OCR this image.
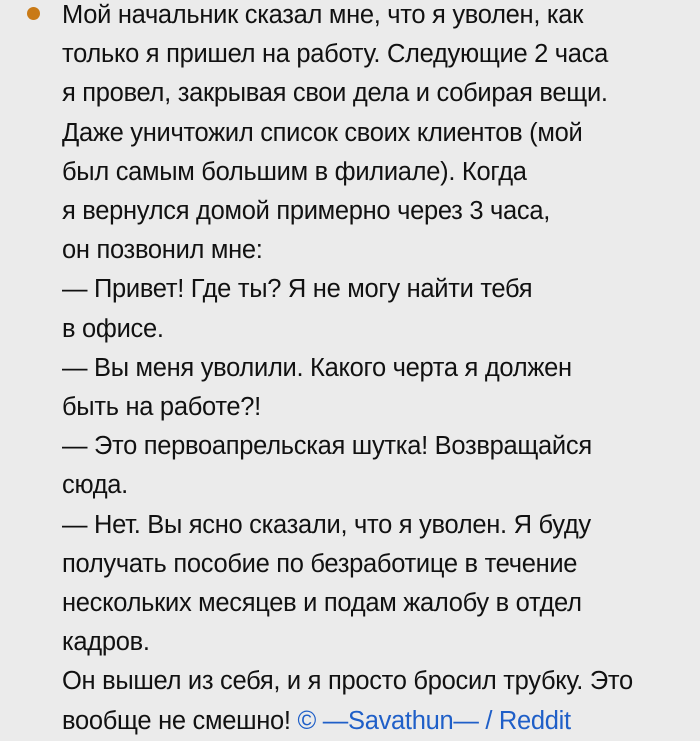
Мой начальник сказал мне, что я уволен, как
только я пришел на работу. Следующие 2 часа
я провел, закрывая свои дела и собирая вещи.
Даже уничтожил список своих клиентов (мой
был самым большим в филиале). Когда
я вернулся домой примерно через 3 часа,
он позвонил мне:
— Привет! Где ты? Я не могу найти тебя
в офисе.
— Вы меня уволили. Какого черта я должен
быть на работе?!
— Это первоапрельская шутка! Возвращайся
сюда.
— Нет. Вы ясно сказали, что я уволен. Я буду
получать пособие по безработице в течение
нескольких месяцев и подам жалобу в отдел
кадров.
Он вышел из себя, и я просто бросил трубку. Это
вообще не смешно! © —Savathun— / Reddit
